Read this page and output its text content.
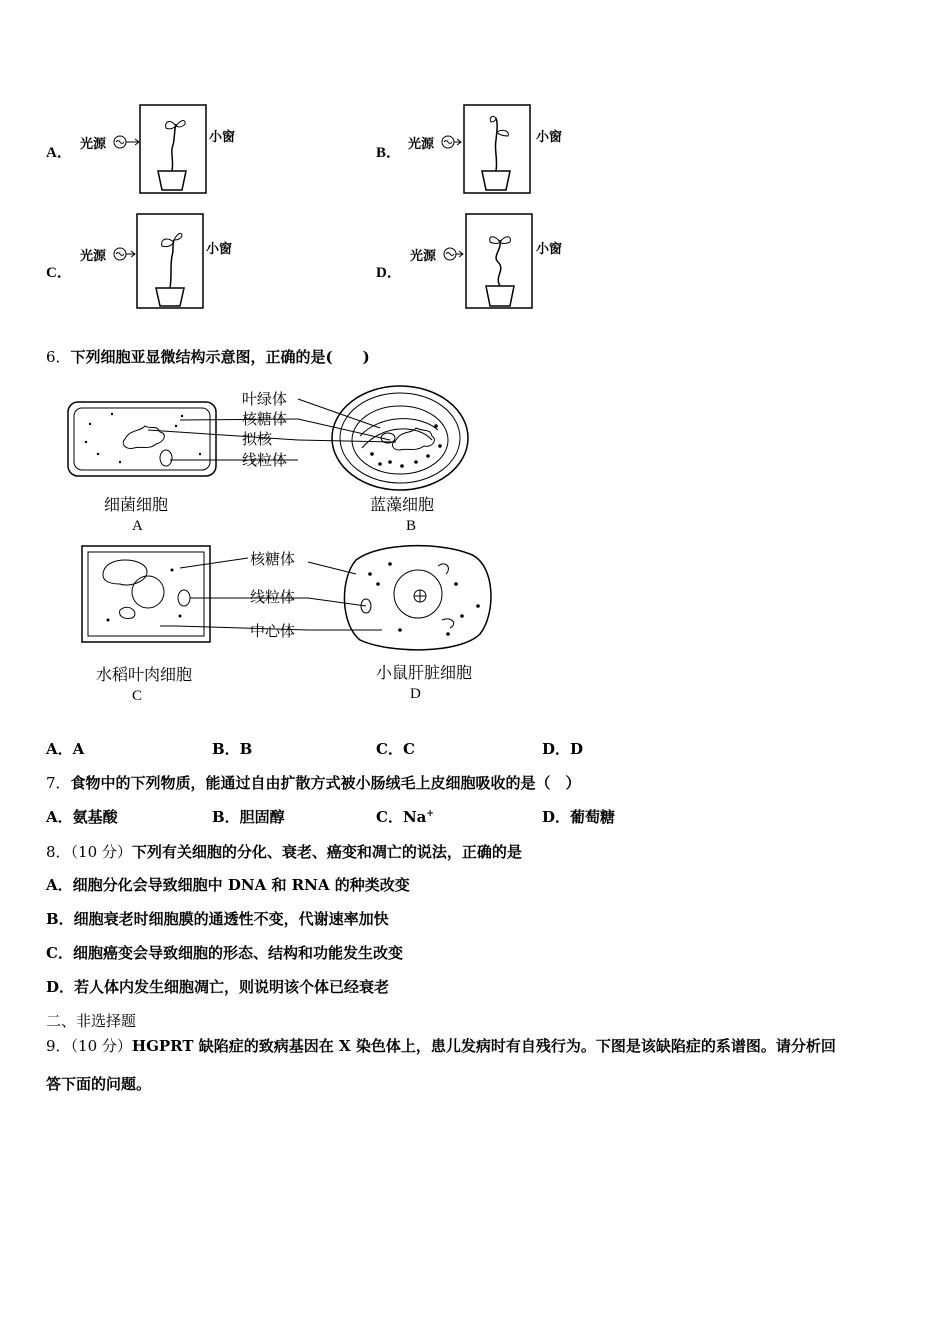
A．
光源	小窗
B．
光源	小窗
C．
光源	小窗
D．
光源	小窗
6．下列细胞亚显微结构示意图，正确的是(　　)
叶绿体
核糖体
拟核
线粒体
细菌细胞
A
蓝藻细胞
B
核糖体
线粒体
中心体
水稻叶肉细胞
C
小鼠肝脏细胞
D
A．A	B．B	C．C	D．D
7．食物中的下列物质，能通过自由扩散方式被小肠绒毛上皮细胞吸收的是（　）
A．氨基酸	B．胆固醇	C．Na+	D．葡萄糖
8．（10 分）下列有关细胞的分化、衰老、癌变和凋亡的说法，正确的是
A．细胞分化会导致细胞中 DNA 和 RNA 的种类改变
B．细胞衰老时细胞膜的通透性不变，代谢速率加快
C．细胞癌变会导致细胞的形态、结构和功能发生改变
D．若人体内发生细胞凋亡，则说明该个体已经衰老
二、非选择题
9．（10 分）HGPRT 缺陷症的致病基因在 X 染色体上，患儿发病时有自残行为。下图是该缺陷症的系谱图。请分析回
答下面的问题。
